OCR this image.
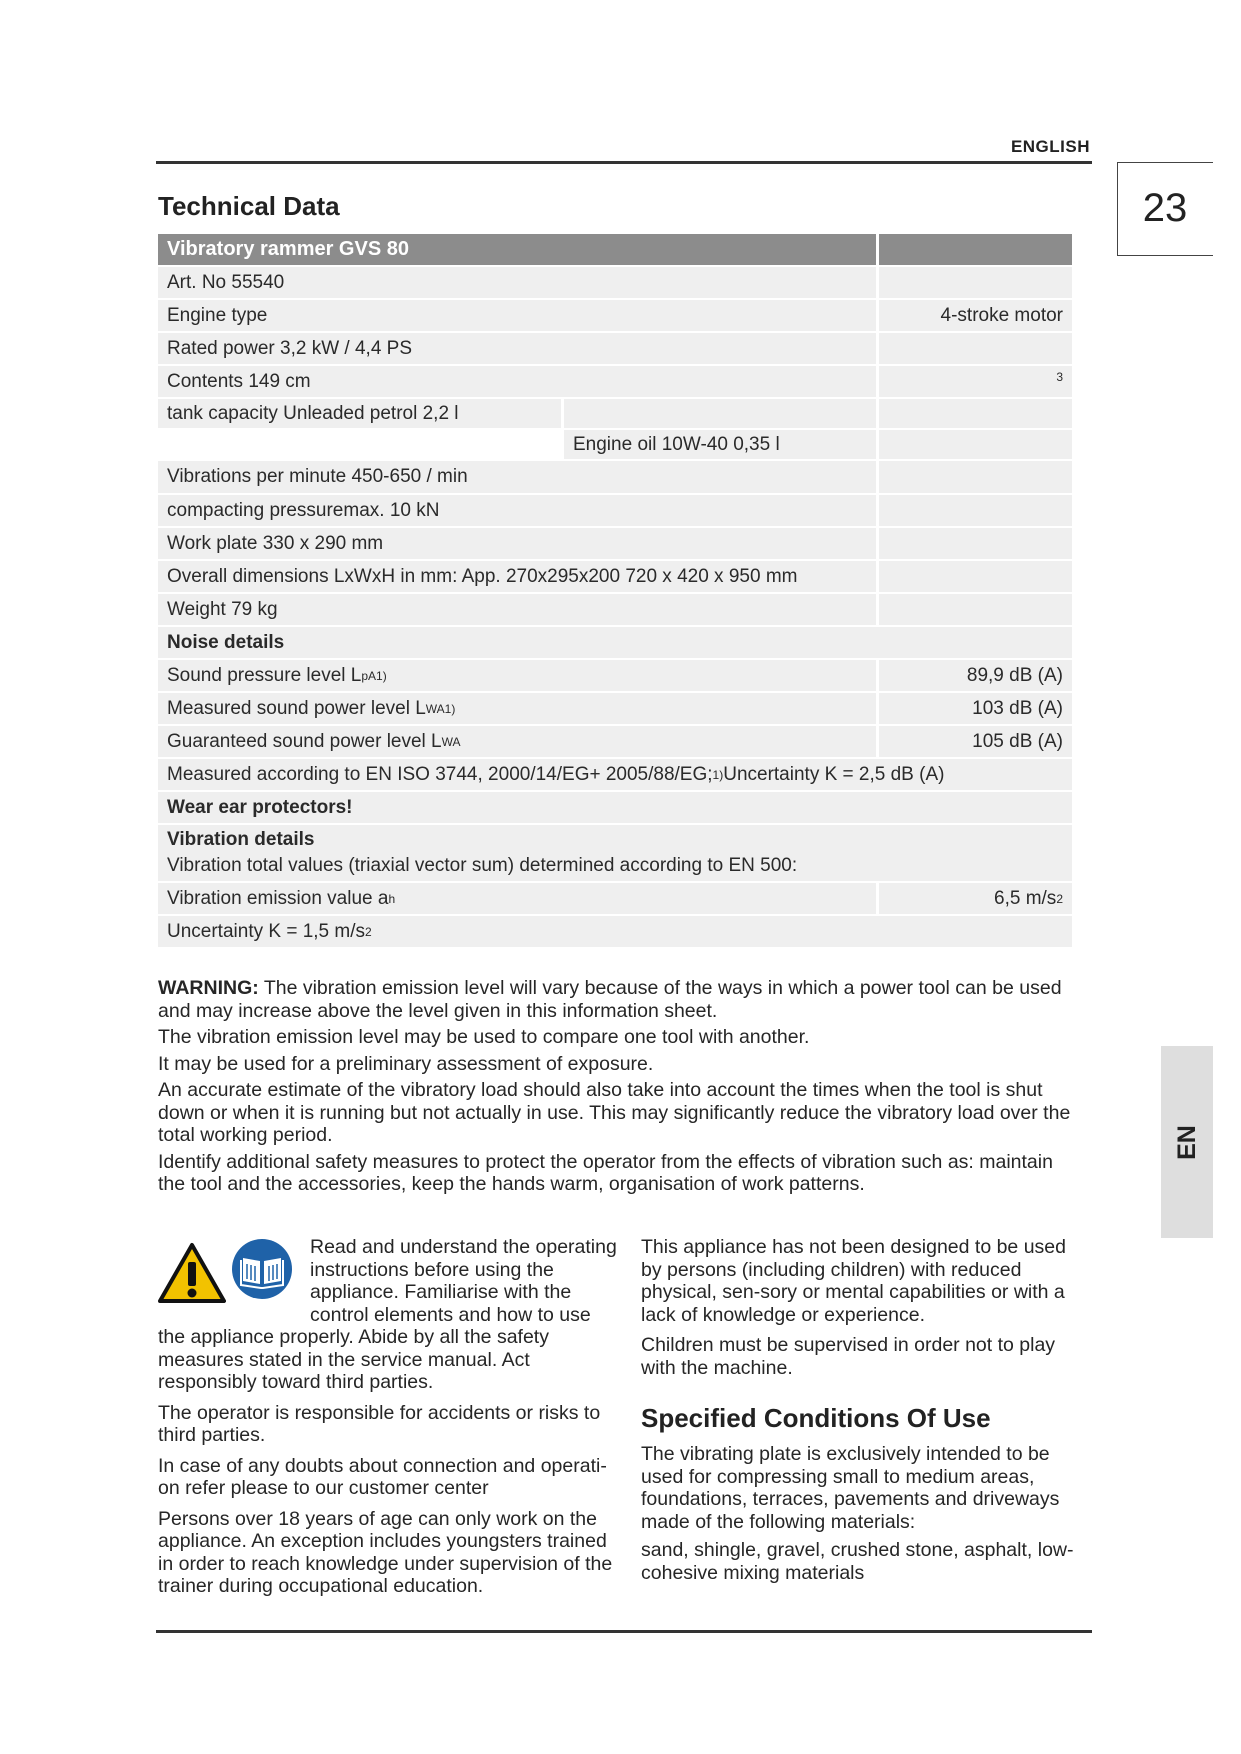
ENGLISH
23
EN
Technical Data
Vibratory rammer GVS 80
Art. No 55540
Engine type	4-stroke motor
Rated power 3,2 kW / 4,4 PS
Contents 149 cm	3
tank capacity Unleaded petrol 2,2 l
Engine oil 10W-40 0,35 l
Vibrations per minute 450-650 / min
compacting pressuremax. 10 kN
Work plate 330 x 290 mm
Overall dimensions LxWxH in mm: App. 270x295x200 720 x 420 x 950 mm
Weight 79 kg
Noise details
Sound pressure level L pA 1)	89,9 dB (A)
Measured sound power level L WA 1)	103 dB (A)
Guaranteed sound power level L WA	105 dB (A)
Measured according to EN ISO 3744, 2000/14/EG+ 2005/88/EG; 1) Uncertainty K = 2,5 dB (A)
Wear ear protectors!
Vibration details
Vibration total values (triaxial vector sum) determined according to EN 500:
Vibration emission value a h	6,5 m/s 2
Uncertainty K = 1,5 m/s 2

WARNING: The vibration emission level will vary because of the ways in which a power tool can be used and may increase above the level given in this information sheet.

The vibration emission level may be used to compare one tool with another.

It may be used for a preliminary assessment of exposure.

An accurate estimate of the vibratory load should also take into account the times when the tool is shut down or when it is running but not actually in use. This may significantly reduce the vibratory load over the total working period.

Identify additional safety measures to protect the operator from the effects of vibration such as: maintain the tool and the accessories, keep the hands warm, organisation of work patterns.

Read and understand the operating instructions before using the appliance. Familiarise with the control elements and how to use the appliance properly. Abide by all the safety measures stated in the service manual. Act responsibly toward third parties.

The operator is responsible for accidents or risks to third parties.

In case of any doubts about connection and operati-on refer please to our customer center

Persons over 18 years of age can only work on the appliance. An exception includes youngsters trained in order to reach knowledge under supervision of the trainer during occupational education.

This appliance has not been designed to be used by persons (including children) with reduced physical, sen-sory or mental capabilities or with a lack of knowledge or experience.

Children must be supervised in order not to play with the machine.

Specified Conditions Of Use

The vibrating plate is exclusively intended to be used for compressing small to medium areas, foundations, terraces, pavements and driveways made of the following materials:

sand, shingle, gravel, crushed stone, asphalt, low-cohesive mixing materials
